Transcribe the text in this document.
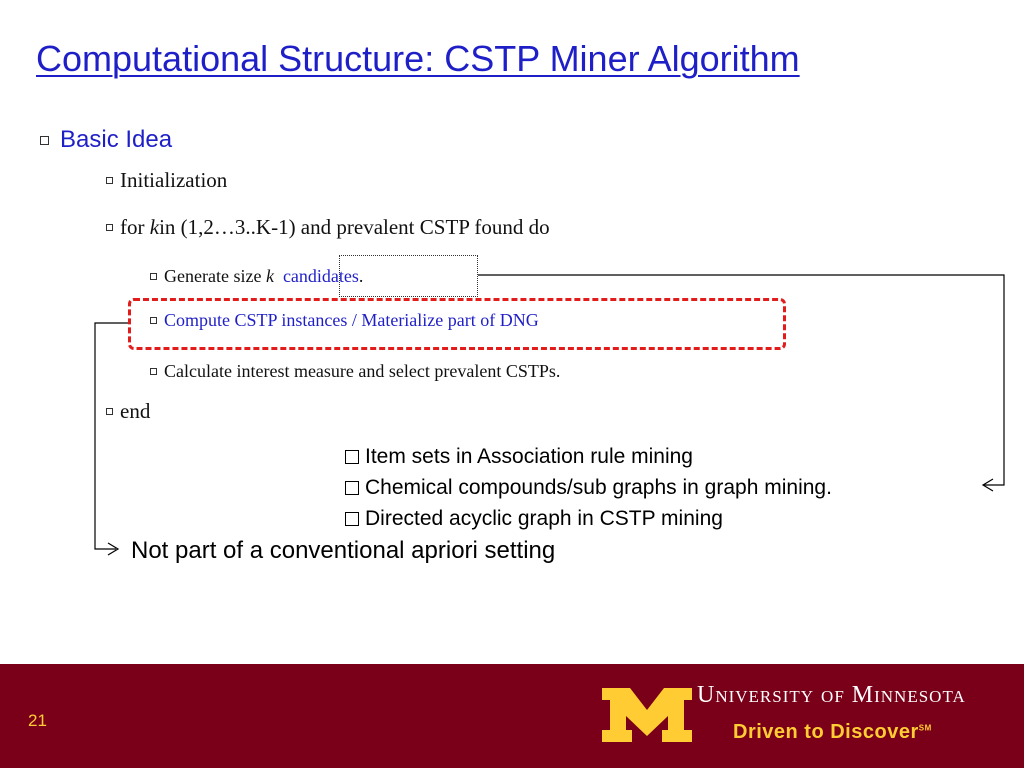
Computational Structure: CSTP Miner Algorithm
Basic Idea
Initialization
for
k in (1,2…3..K-1) and prevalent CSTP found do
Generate size
k
candidates .
Compute CSTP instances / Materialize part of DNG
Calculate interest measure and select prevalent CSTPs.
end
Item sets in Association rule mining
Chemical compounds/sub graphs in graph mining.
Directed acyclic graph in CSTP mining
Not part of a conventional apriori setting
21
University of Minnesota
Driven to Discover℠
